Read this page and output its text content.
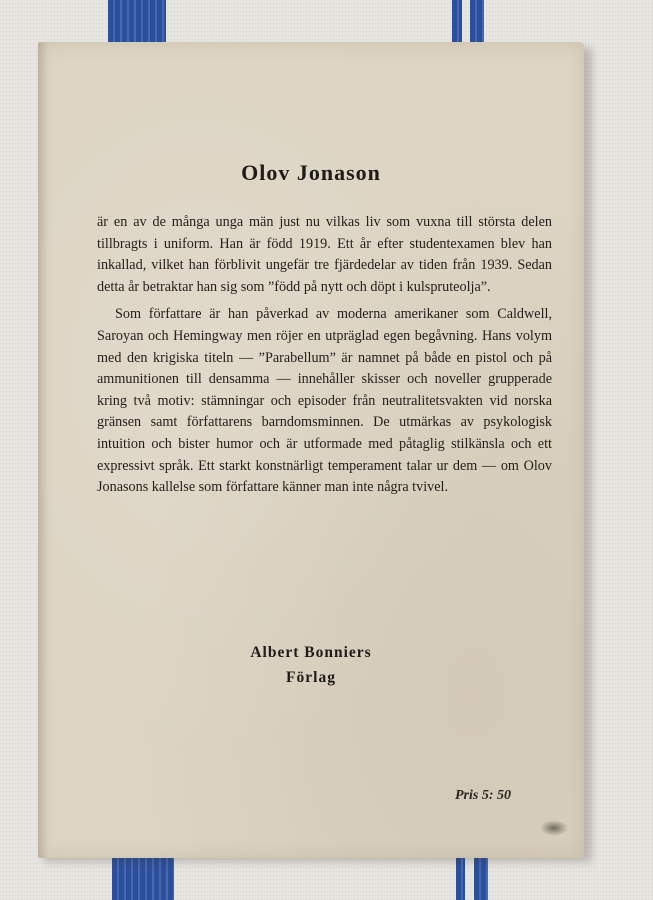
Olov Jonason

är en av de många unga män just nu vilkas liv som vuxna till största delen tillbragts i uniform. Han är född 1919. Ett år efter studentexamen blev han inkallad, vilket han förblivit ungefär tre fjärdedelar av tiden från 1939. Sedan detta år betraktar han sig som ”född på nytt och döpt i kulspruteolja”.

Som författare är han påverkad av moderna amerikaner som Caldwell, Saroyan och Hemingway men röjer en utpräglad egen begåvning. Hans volym med den krigiska titeln — ”Parabellum” är namnet på både en pistol och på ammunitionen till densamma — innehåller skisser och noveller grupperade kring två motiv: stämningar och episoder från neutralitetsvakten vid norska gränsen samt författarens barndomsminnen. De utmärkas av psykologisk intuition och bister humor och är utformade med påtaglig stilkänsla och ett expressivt språk. Ett starkt konstnärligt temperament talar ur dem — om Olov Jonasons kallelse som författare känner man inte några tvivel.

Albert Bonniers
Förlag
Pris 5: 50
